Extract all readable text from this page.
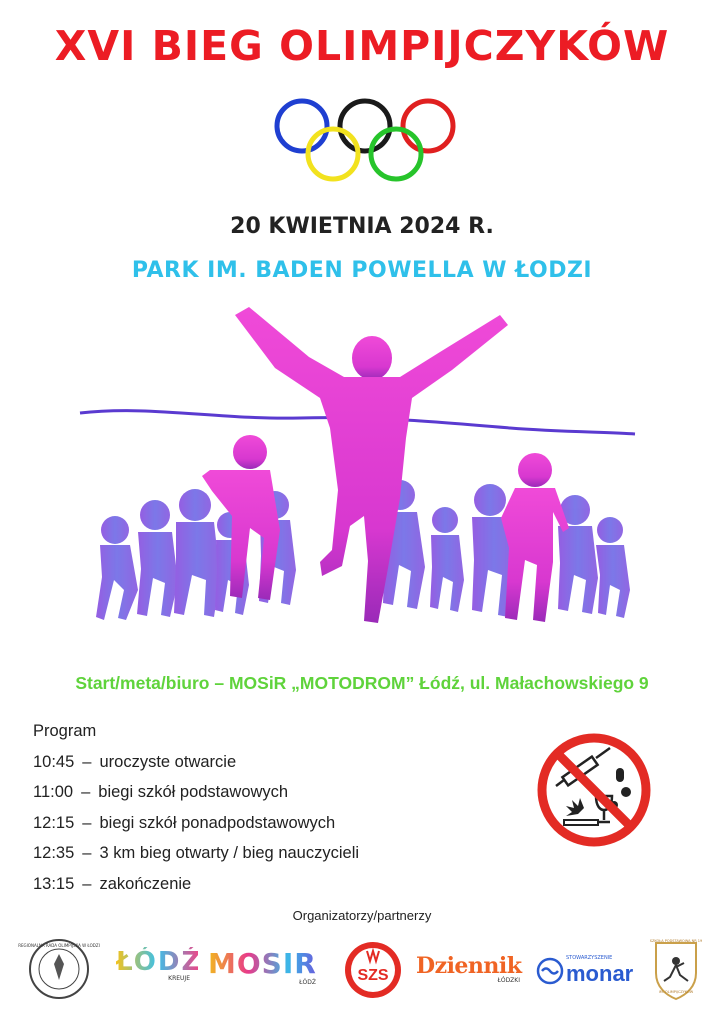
XVI BIEG OLIMPIJCZYKÓW
20 KWIETNIA 2024 R.
PARK IM. BADEN POWELLA W ŁODZI
Start/meta/biuro – MOSiR „MOTODROM” Łódź, ul. Małachowskiego 9
Program
10:45 – uroczyste otwarcie
11:00 – biegi szkół podstawowych
12:15 – biegi szkół ponadpodstawowych
12:35 – 3 km bieg otwarty / bieg nauczycieli
13:15 – zakończenie
Organizatorzy/partnerzy
REGIONALNA RADA OLIMPIJSKA W ŁODZI
ŁÓDŹ
KREUJE MOSIR
ŁÓDŹ	SZS Dziennik
ŁÓDZKI
STOWARZYSZENIE
monar
SZKOŁA PODSTAWOWA NR 19
IM. OLIMPIJCZYKÓW
